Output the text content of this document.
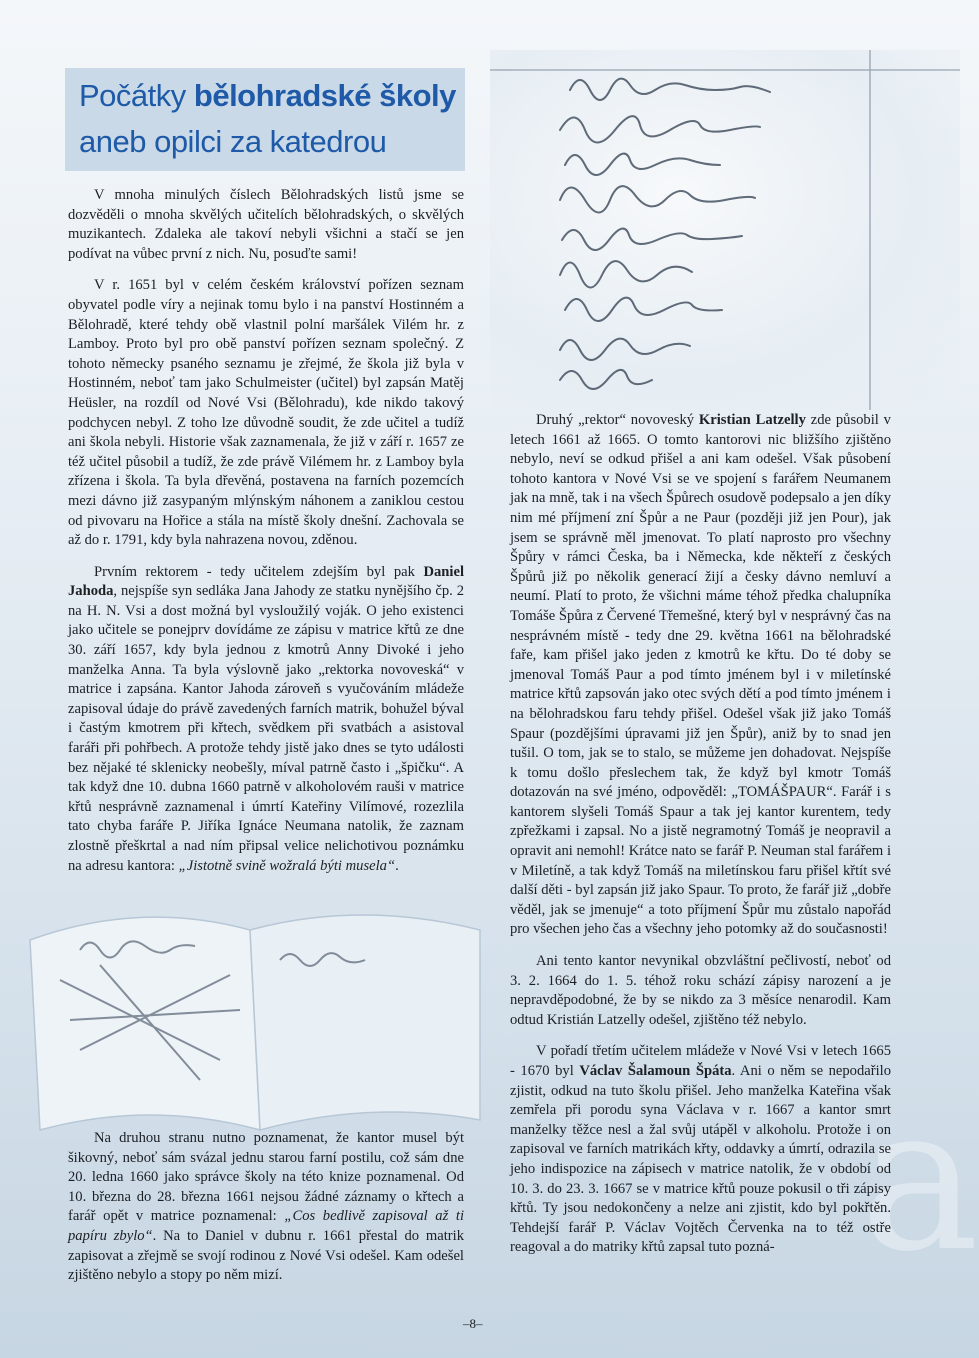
a
Počátky bělohradské školy
aneb opilci za katedrou

V mnoha minulých číslech Bělohradských listů jsme se dozvěděli o mnoha skvělých učitelích bělohradských, o skvělých muzikantech. Zdaleka ale takoví nebyli všichni a stačí se jen podívat na vůbec první z nich. Nu, posuďte sami!

V r. 1651 byl v celém českém království pořízen seznam obyvatel podle víry a nejinak tomu bylo i na panství Hostinném a Bělohradě, které tehdy obě vlastnil polní maršálek Vilém hr. z Lamboy. Proto byl pro obě panství pořízen seznam společný. Z tohoto německy psaného seznamu je zřejmé, že škola již byla v Hostinném, neboť tam jako Schulmeister (učitel) byl zapsán Matěj Heüsler, na rozdíl od Nové Vsi (Bělohradu), kde nikdo takový podchycen nebyl. Z toho lze důvodně soudit, že zde učitel a tudíž ani škola nebyli. Historie však zaznamenala, že již v září r. 1657 ze též učitel působil a tudíž, že zde právě Vilémem hr. z Lamboy byla zřízena i škola. Ta byla dřevěná, postavena na farních pozemcích mezi dávno již zasypaným mlýnským náhonem a zaniklou cestou od pivovaru na Hořice a stála na místě školy dnešní. Zachovala se až do r. 1791, kdy byla nahrazena novou, zděnou.

Prvním rektorem - tedy učitelem zdejším byl pak Daniel Jahoda, nejspíše syn sedláka Jana Jahody ze statku nynějšího čp. 2 na H. N. Vsi a dost možná byl vysloužilý voják. O jeho existenci jako učitele se ponejprv dovídáme ze zápisu v matrice křtů ze dne 30. září 1657, kdy byla jednou z kmotrů Anny Divoké i jeho manželka Anna. Ta byla výslovně jako „rektorka novoveská“ v matrice i zapsána. Kantor Jahoda zároveň s vyučováním mládeže zapisoval údaje do právě zavedených farních matrik, bohužel býval i častým kmotrem při křtech, svědkem při svatbách a asistoval faráři při pohřbech. A protože tehdy jistě jako dnes se tyto události bez nějaké té sklenicky neobešly, míval patrně často i „špičku“. A tak když dne 10. dubna 1660 patrně v alkoholovém rauši v matrice křtů nesprávně zaznamenal i úmrtí Kateřiny Vilímové, rozezlila tato chyba faráře P. Jiříka Ignáce Neumana natolik, že zaznam zlostně přeškrtal a nad ním připsal velice nelichotivou poznámku na adresu kantora: „Jistotně svině wožralá býti musela“.

Na druhou stranu nutno poznamenat, že kantor musel být šikovný, neboť sám svázal jednu starou farní postilu, což sám dne 20. ledna 1660 jako správce školy na této knize poznamenal. Od 10. března do 28. března 1661 nejsou žádné záznamy o křtech a farář opět v matrice poznamenal: „Cos bedlivě zapisoval až ti papíru zbylo“. Na to Daniel v dubnu r. 1661 přestal do matrik zapisovat a zřejmě se svojí rodinou z Nové Vsi odešel. Kam odešel zjištěno nebylo a stopy po něm mizí.

Druhý „rektor“ novoveský Kristian Latzelly zde působil v letech 1661 až 1665. O tomto kantorovi nic bližšího zjištěno nebylo, neví se odkud přišel a ani kam odešel. Však působení tohoto kantora v Nové Vsi se ve spojení s farářem Neumanem jak na mně, tak i na všech Špůrech osudově podepsalo a jen díky nim mé příjmení zní Špůr a ne Paur (později již jen Pour), jak jsem se správně měl jmenovat. To platí naprosto pro všechny Špůry v rámci Česka, ba i Německa, kde někteří z českých Špůrů již po několik generací žijí a česky dávno nemluví a neumí. Platí to proto, že všichni máme téhož předka chalupníka Tomáše Špůra z Červené Třemešné, který byl v nesprávný čas na nesprávném místě - tedy dne 29. května 1661 na bělohradské faře, kam přišel jako jeden z kmotrů ke křtu. Do té doby se jmenoval Tomáš Paur a pod tímto jménem byl i v miletínské matrice křtů zapsován jako otec svých dětí a pod tímto jménem i na bělohradskou faru tehdy přišel. Odešel však již jako Tomáš Spaur (pozdějšími úpravami již jen Špůr), aniž by to snad jen tušil. O tom, jak se to stalo, se můžeme jen dohadovat. Nejspíše k tomu došlo přeslechem tak, že když byl kmotr Tomáš dotazován na své jméno, odpověděl: „TOMÁŠPAUR“. Farář i s kantorem slyšeli Tomáš Spaur a tak jej kantor kurentem, tedy zpřežkami i zapsal. No a jistě negramotný Tomáš je neopravil a opravit ani nemohl! Krátce nato se farář P. Neuman stal farářem i v Miletíně, a tak když Tomáš na miletínskou faru přišel křtít své další děti - byl zapsán již jako Spaur. To proto, že farář již „dobře věděl, jak se jmenuje“ a toto příjmení Špůr mu zůstalo napořád pro všechen jeho čas a všechny jeho potomky až do současnosti!

Ani tento kantor nevynikal obzvláštní pečlivostí, neboť od 3. 2. 1664 do 1. 5. téhož roku schází zápisy narození a je nepravděpodobné, že by se nikdo za 3 měsíce nenarodil. Kam odtud Kristián Latzelly odešel, zjištěno též nebylo.

V pořadí třetím učitelem mládeže v Nové Vsi v letech 1665 - 1670 byl Václav Šalamoun Špáta. Ani o něm se nepodařilo zjistit, odkud na tuto školu přišel. Jeho manželka Kateřina však zemřela při porodu syna Václava v r. 1667 a kantor smrt manželky těžce nesl a žal svůj utápěl v alkoholu. Protože i on zapisoval ve farních matrikách křty, oddavky a úmrtí, odrazila se jeho indispozice na zápisech v matrice natolik, že v období od 10. 3. do 23. 3. 1667 se v matrice křtů pouze pokusil o tři zápisy křtů. Ty jsou nedokončeny a nelze ani zjistit, kdo byl pokřtěn. Tehdejší farář P. Václav Vojtěch Červenka na to též ostře reagoval a do matriky křtů zapsal tuto pozná-

–8–
